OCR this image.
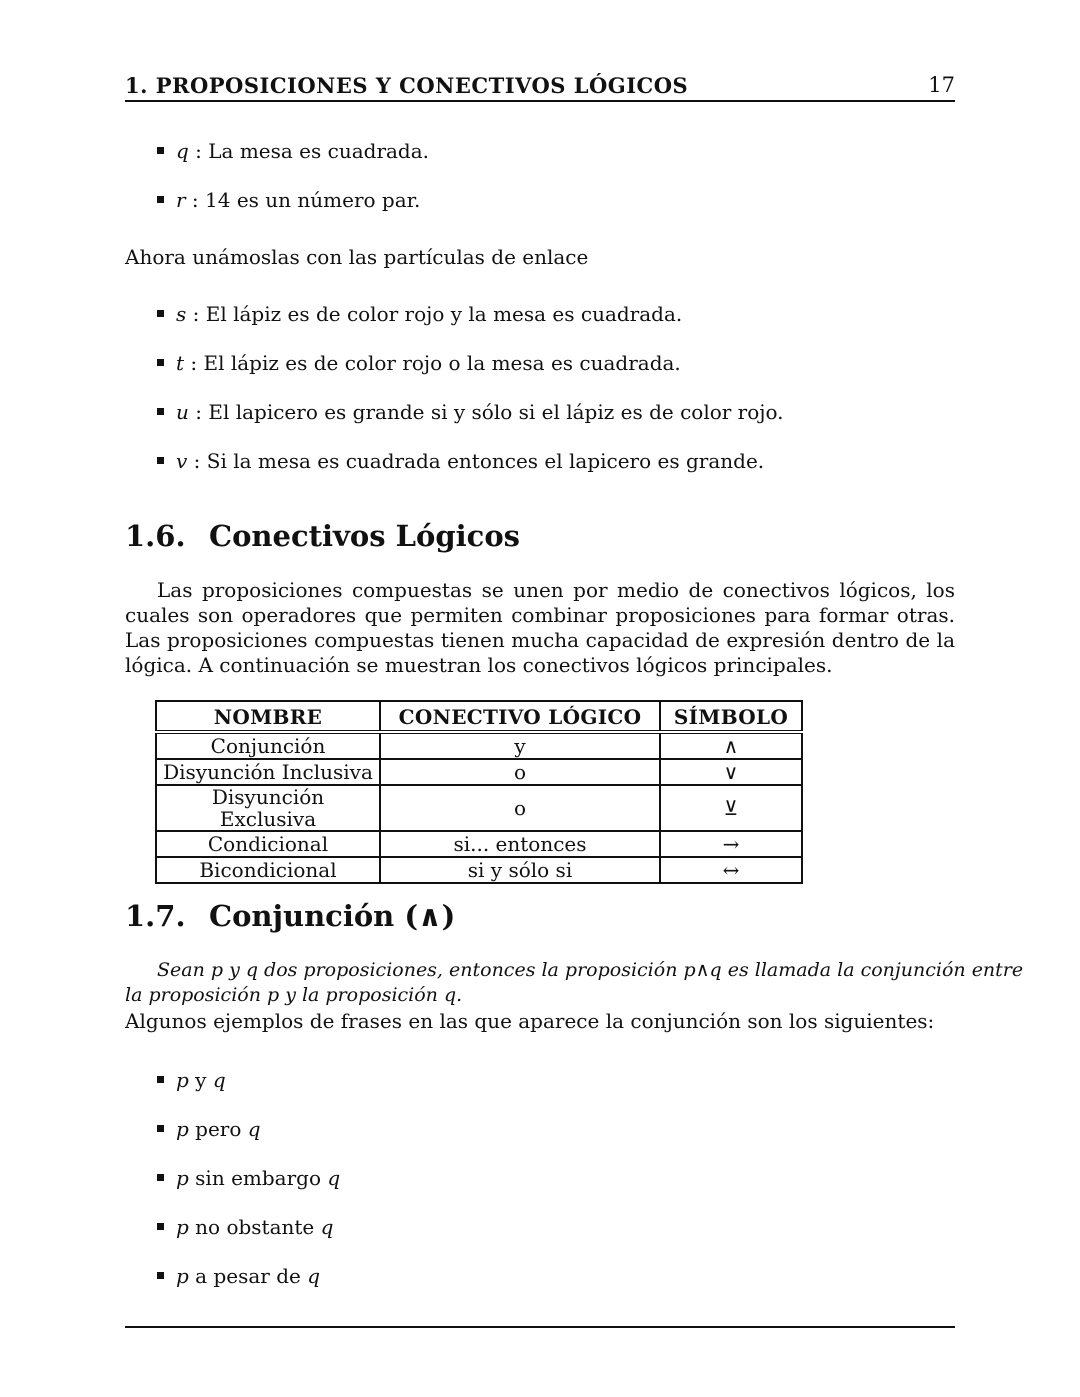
1. PROPOSICIONES Y CONECTIVOS LÓGICOS	17
q : La mesa es cuadrada.
r : 14 es un número par.

Ahora unámoslas con las partículas de enlace

s : El lápiz es de color rojo y la mesa es cuadrada.
t : El lápiz es de color rojo o la mesa es cuadrada.
u : El lapicero es grande si y sólo si el lápiz es de color rojo.
v : Si la mesa es cuadrada entonces el lapicero es grande.
1.6. Conectivos Lógicos

Las proposiciones compuestas se unen por medio de conectivos lógicos, los cuales son operadores que permiten combinar proposiciones para formar otras. Las proposiciones compuestas tienen mucha capacidad de expresión dentro de la lógica. A continuación se muestran los conectivos lógicos principales.

NOMBRE	CONECTIVO LÓGICO	SÍMBOLO
Conjunción	y	∧
Disyunción Inclusiva	o	∨
Disyunción Exclusiva	o	⊻
Condicional	si... entonces	→
Bicondicional	si y sólo si	↔
1.7. Conjunción (∧)

Sean p y q dos proposiciones, entonces la proposición p∧q es llamada la conjunción entre

la proposición p y la proposición q.

Algunos ejemplos de frases en las que aparece la conjunción son los siguientes:

p y q
p pero q
p sin embargo q
p no obstante q
p a pesar de q
